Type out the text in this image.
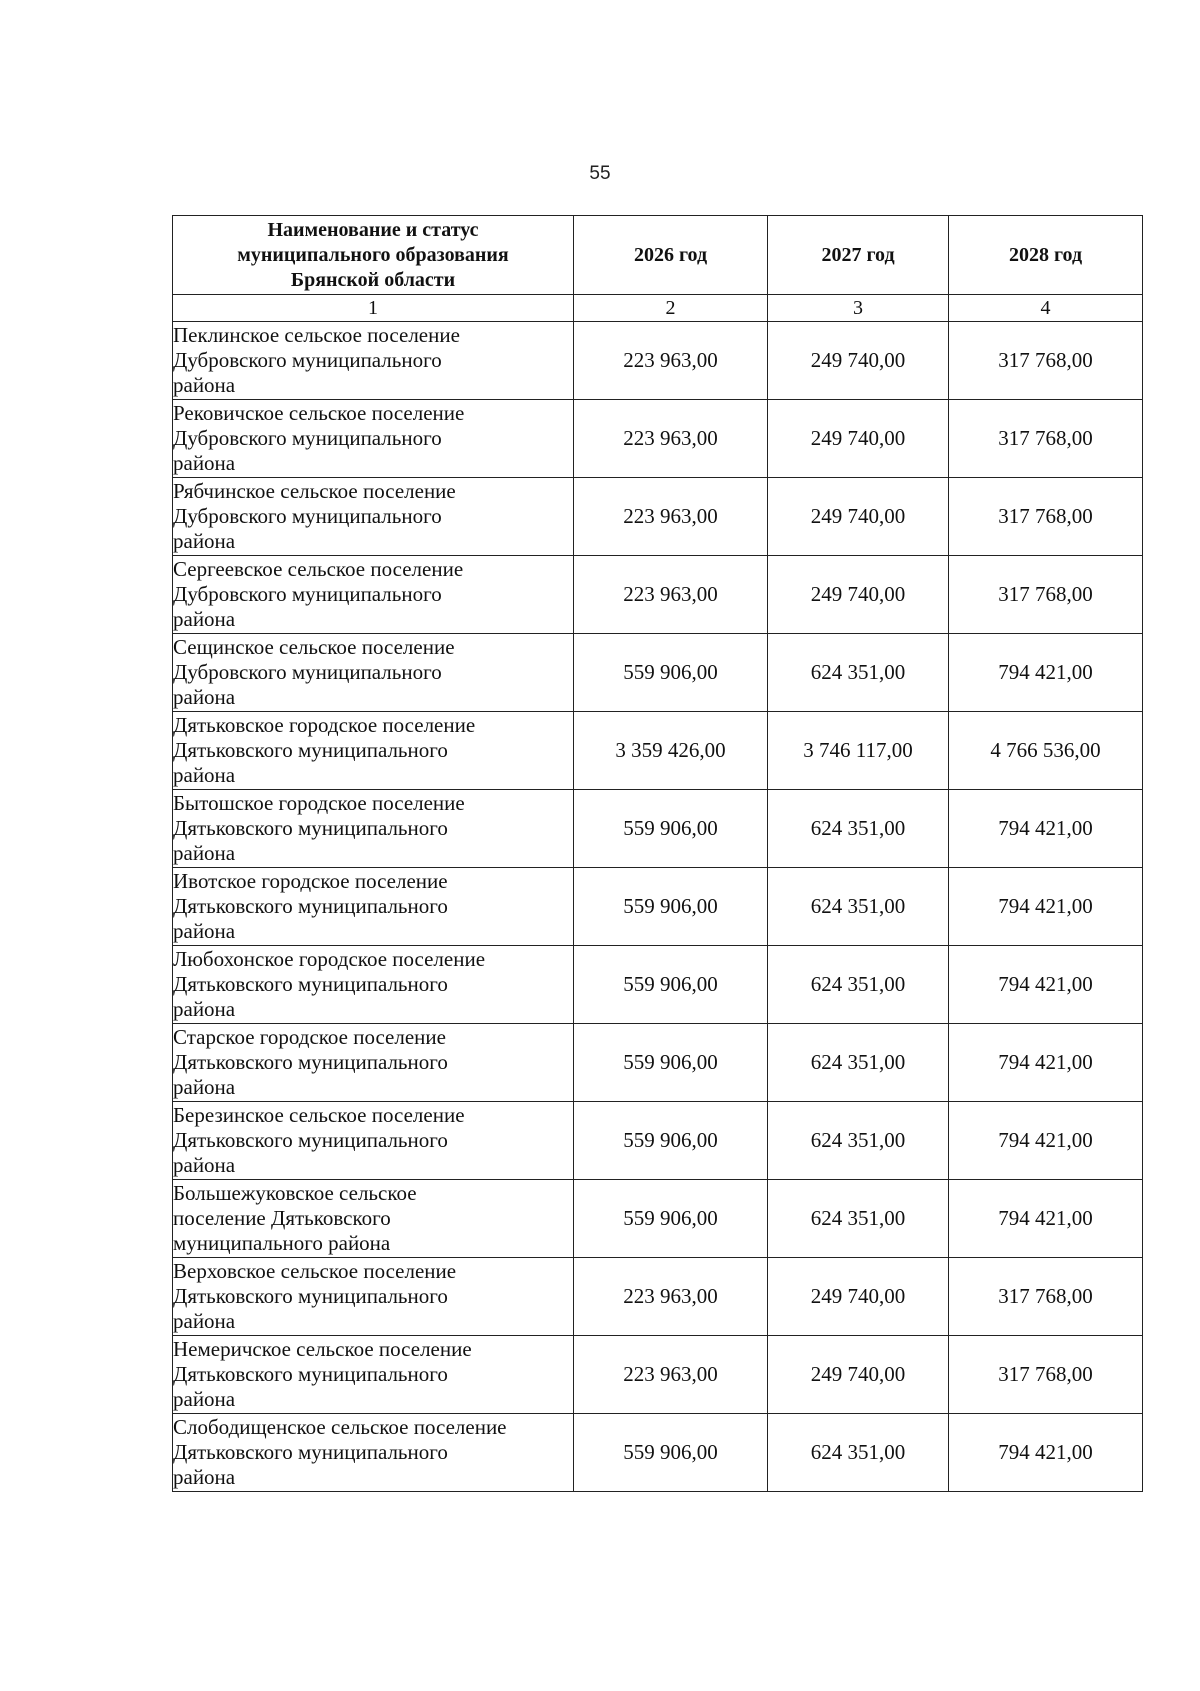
55
Наименование и статус
муниципального образования
Брянской области	2026 год	2027 год	2028 год
1	2	3	4

Пеклинское сельское поселение
Дубровского муниципального
района	223 963,00	249 740,00	317 768,00

Рековичское сельское поселение
Дубровского муниципального
района	223 963,00	249 740,00	317 768,00

Рябчинское сельское поселение
Дубровского муниципального
района	223 963,00	249 740,00	317 768,00

Сергеевское сельское поселение
Дубровского муниципального
района	223 963,00	249 740,00	317 768,00

Сещинское сельское поселение
Дубровского муниципального
района	559 906,00	624 351,00	794 421,00

Дятьковское городское поселение
Дятьковского муниципального
района	3 359 426,00	3 746 117,00	4 766 536,00

Бытошское городское поселение
Дятьковского муниципального
района	559 906,00	624 351,00	794 421,00

Ивотское городское поселение
Дятьковского муниципального
района	559 906,00	624 351,00	794 421,00

Любохонское городское поселение
Дятьковского муниципального
района	559 906,00	624 351,00	794 421,00

Старское городское поселение
Дятьковского муниципального
района	559 906,00	624 351,00	794 421,00

Березинское сельское поселение
Дятьковского муниципального
района	559 906,00	624 351,00	794 421,00

Большежуковское сельское
поселение Дятьковского
муниципального района	559 906,00	624 351,00	794 421,00

Верховское сельское поселение
Дятьковского муниципального
района	223 963,00	249 740,00	317 768,00

Немеричское сельское поселение
Дятьковского муниципального
района	223 963,00	249 740,00	317 768,00

Слободищенское сельское поселение
Дятьковского муниципального
района	559 906,00	624 351,00	794 421,00
